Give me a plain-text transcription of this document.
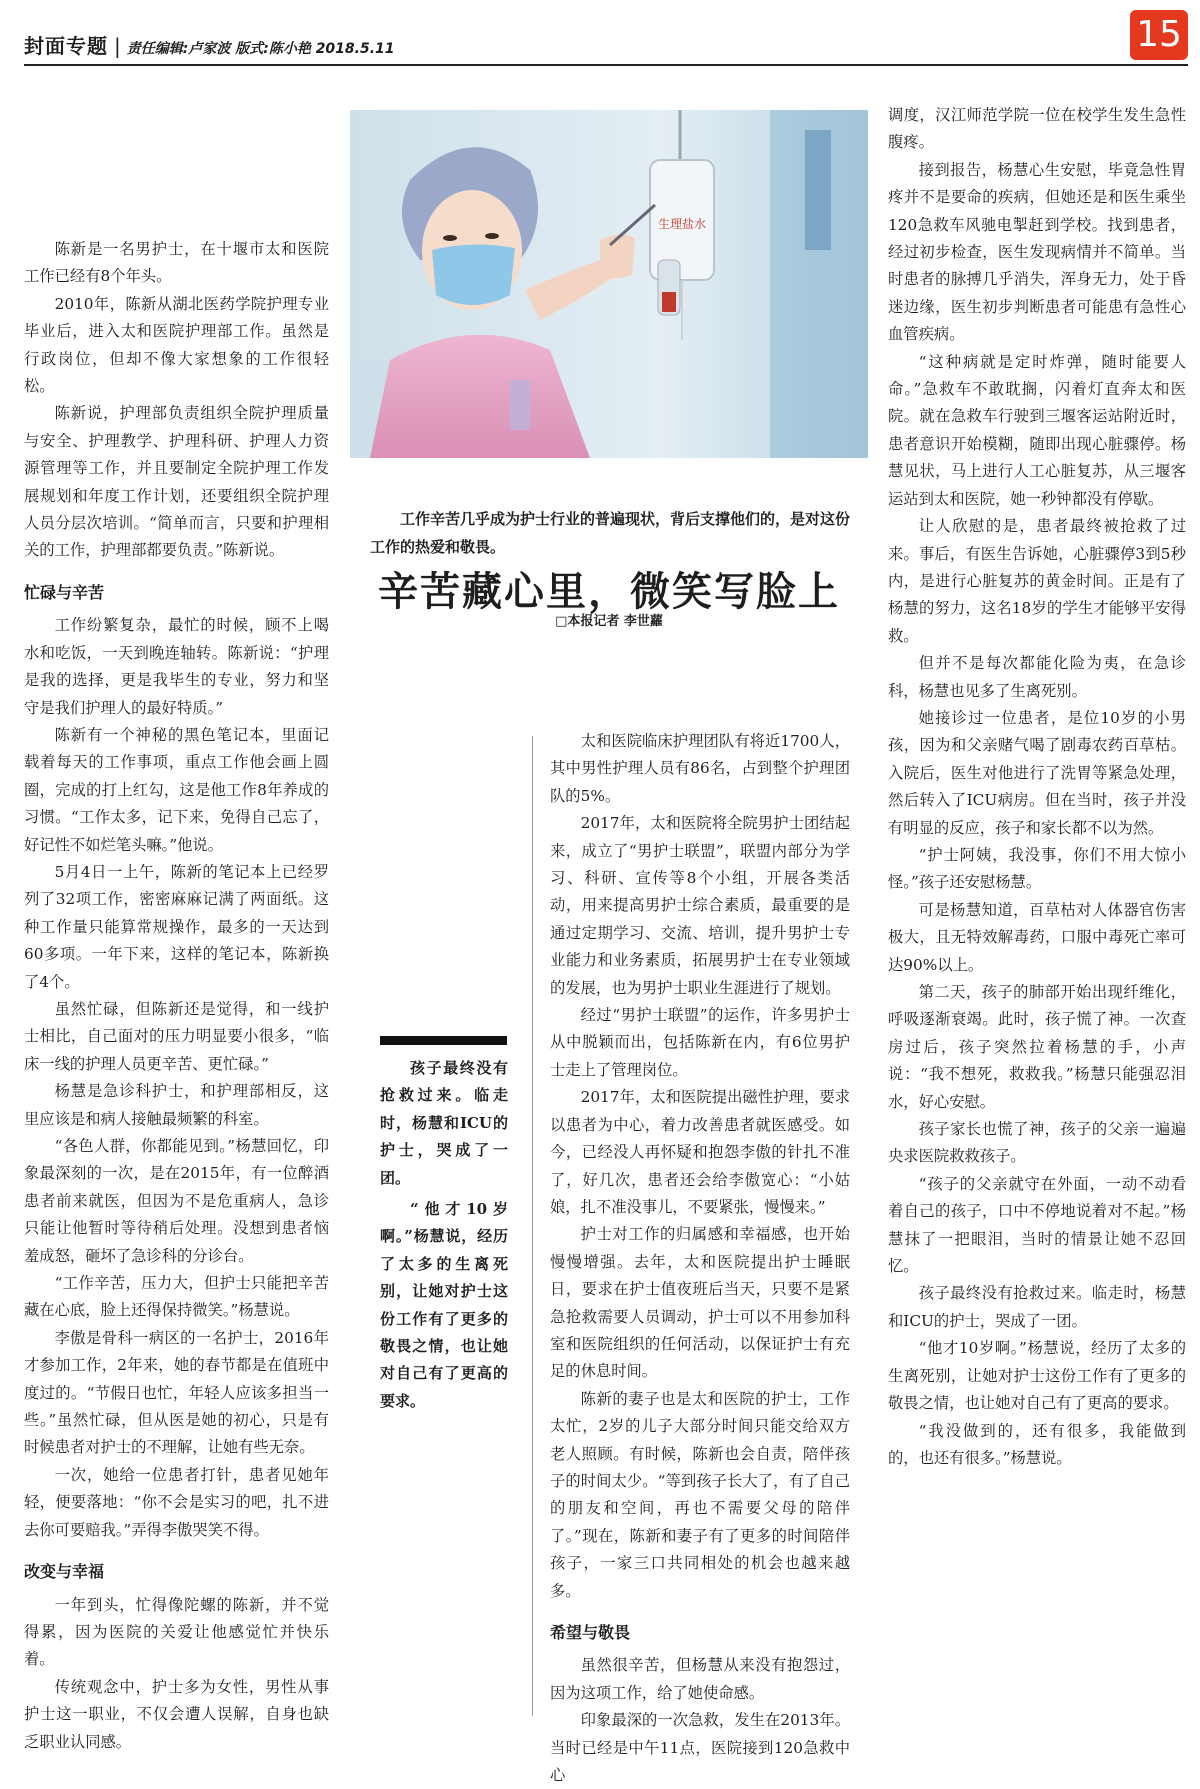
封面专题 | 责任编辑:卢家波 版式:陈小艳 2018.5.11	15
生理盐水

工作辛苦几乎成为护士行业的普遍现状，背后支撑他们的，是对这份工作的热爱和敬畏。

辛苦藏心里，微笑写脸上
□本报记者 李世蘿

孩子最终没有抢救过来。临走时，杨慧和ICU的护士，哭成了一团。

“他才10岁啊。”杨慧说，经历了太多的生离死别，让她对护士这份工作有了更多的敬畏之情，也让她对自己有了更高的要求。

陈新是一名男护士，在十堰市太和医院工作已经有8个年头。

2010年，陈新从湖北医药学院护理专业毕业后，进入太和医院护理部工作。虽然是行政岗位，但却不像大家想象的工作很轻松。

陈新说，护理部负责组织全院护理质量与安全、护理教学、护理科研、护理人力资源管理等工作，并且要制定全院护理工作发展规划和年度工作计划，还要组织全院护理人员分层次培训。“简单而言，只要和护理相关的工作，护理部都要负责。”陈新说。

忙碌与辛苦

工作纷繁复杂，最忙的时候，顾不上喝水和吃饭，一天到晚连轴转。陈新说：“护理是我的选择，更是我毕生的专业，努力和坚守是我们护理人的最好特质。”

陈新有一个神秘的黑色笔记本，里面记载着每天的工作事项，重点工作他会画上圆圈，完成的打上红勾，这是他工作8年养成的习惯。“工作太多，记下来，免得自己忘了，好记性不如烂笔头嘛。”他说。

5月4日一上午，陈新的笔记本上已经罗列了32项工作，密密麻麻记满了两面纸。这种工作量只能算常规操作，最多的一天达到60多项。一年下来，这样的笔记本，陈新换了4个。

虽然忙碌，但陈新还是觉得，和一线护士相比，自己面对的压力明显要小很多，“临床一线的护理人员更辛苦、更忙碌。”

杨慧是急诊科护士，和护理部相反，这里应该是和病人接触最频繁的科室。

“各色人群，你都能见到。”杨慧回忆，印象最深刻的一次，是在2015年，有一位醉酒患者前来就医，但因为不是危重病人，急诊只能让他暂时等待稍后处理。没想到患者恼羞成怒，砸坏了急诊科的分诊台。

“工作辛苦，压力大，但护士只能把辛苦藏在心底，脸上还得保持微笑。”杨慧说。

李傲是骨科一病区的一名护士，2016年才参加工作，2年来，她的春节都是在值班中度过的。“节假日也忙，年轻人应该多担当一些。”虽然忙碌，但从医是她的初心，只是有时候患者对护士的不理解，让她有些无奈。

一次，她给一位患者打针，患者见她年轻，便要落地：“你不会是实习的吧，扎不进去你可要赔我。”弄得李傲哭笑不得。

改变与幸福

一年到头，忙得像陀螺的陈新，并不觉得累，因为医院的关爱让他感觉忙并快乐着。

传统观念中，护士多为女性，男性从事护士这一职业，不仅会遭人误解，自身也缺乏职业认同感。

太和医院临床护理团队有将近1700人，其中男性护理人员有86名，占到整个护理团队的5%。

2017年，太和医院将全院男护士团结起来，成立了“男护士联盟”，联盟内部分为学习、科研、宣传等8个小组，开展各类活动，用来提高男护士综合素质，最重要的是通过定期学习、交流、培训，提升男护士专业能力和业务素质，拓展男护士在专业领域的发展，也为男护士职业生涯进行了规划。

经过“男护士联盟”的运作，许多男护士从中脱颖而出，包括陈新在内，有6位男护士走上了管理岗位。

2017年，太和医院提出磁性护理，要求以患者为中心，着力改善患者就医感受。如今，已经没人再怀疑和抱怨李傲的针扎不准了，好几次，患者还会给李傲宽心：“小姑娘，扎不准没事儿，不要紧张，慢慢来。”

护士对工作的归属感和幸福感，也开始慢慢增强。去年，太和医院提出护士睡眠日，要求在护士值夜班后当天，只要不是紧急抢救需要人员调动，护士可以不用参加科室和医院组织的任何活动，以保证护士有充足的休息时间。

陈新的妻子也是太和医院的护士，工作太忙，2岁的儿子大部分时间只能交给双方老人照顾。有时候，陈新也会自责，陪伴孩子的时间太少。“等到孩子长大了，有了自己的朋友和空间，再也不需要父母的陪伴了。”现在，陈新和妻子有了更多的时间陪伴孩子，一家三口共同相处的机会也越来越多。

希望与敬畏

虽然很辛苦，但杨慧从来没有抱怨过，因为这项工作，给了她使命感。

印象最深的一次急救，发生在2013年。当时已经是中午11点，医院接到120急救中心

调度，汉江师范学院一位在校学生发生急性腹疼。

接到报告，杨慧心生安慰，毕竟急性胃疼并不是要命的疾病，但她还是和医生乘坐120急救车风驰电掣赶到学校。找到患者，经过初步检查，医生发现病情并不简单。当时患者的脉搏几乎消失，浑身无力，处于昏迷边缘，医生初步判断患者可能患有急性心血管疾病。

“这种病就是定时炸弹，随时能要人命。”急救车不敢耽搁，闪着灯直奔太和医院。就在急救车行驶到三堰客运站附近时，患者意识开始模糊，随即出现心脏骤停。杨慧见状，马上进行人工心脏复苏，从三堰客运站到太和医院，她一秒钟都没有停歇。

让人欣慰的是，患者最终被抢救了过来。事后，有医生告诉她，心脏骤停3到5秒内，是进行心脏复苏的黄金时间。正是有了杨慧的努力，这名18岁的学生才能够平安得救。

但并不是每次都能化险为夷，在急诊科，杨慧也见多了生离死别。

她接诊过一位患者，是位10岁的小男孩，因为和父亲赌气喝了剧毒农药百草枯。入院后，医生对他进行了洗胃等紧急处理，然后转入了ICU病房。但在当时，孩子并没有明显的反应，孩子和家长都不以为然。

“护士阿姨，我没事，你们不用大惊小怪。”孩子还安慰杨慧。

可是杨慧知道，百草枯对人体器官伤害极大，且无特效解毒药，口服中毒死亡率可达90%以上。

第二天，孩子的肺部开始出现纤维化，呼吸逐渐衰竭。此时，孩子慌了神。一次查房过后，孩子突然拉着杨慧的手，小声说：“我不想死，救救我。”杨慧只能强忍泪水，好心安慰。

孩子家长也慌了神，孩子的父亲一遍遍央求医院救救孩子。

“孩子的父亲就守在外面，一动不动看着自己的孩子，口中不停地说着对不起。”杨慧抹了一把眼泪，当时的情景让她不忍回忆。

孩子最终没有抢救过来。临走时，杨慧和ICU的护士，哭成了一团。

“他才10岁啊。”杨慧说，经历了太多的生离死别，让她对护士这份工作有了更多的敬畏之情，也让她对自己有了更高的要求。

“我没做到的，还有很多，我能做到的，也还有很多。”杨慧说。
